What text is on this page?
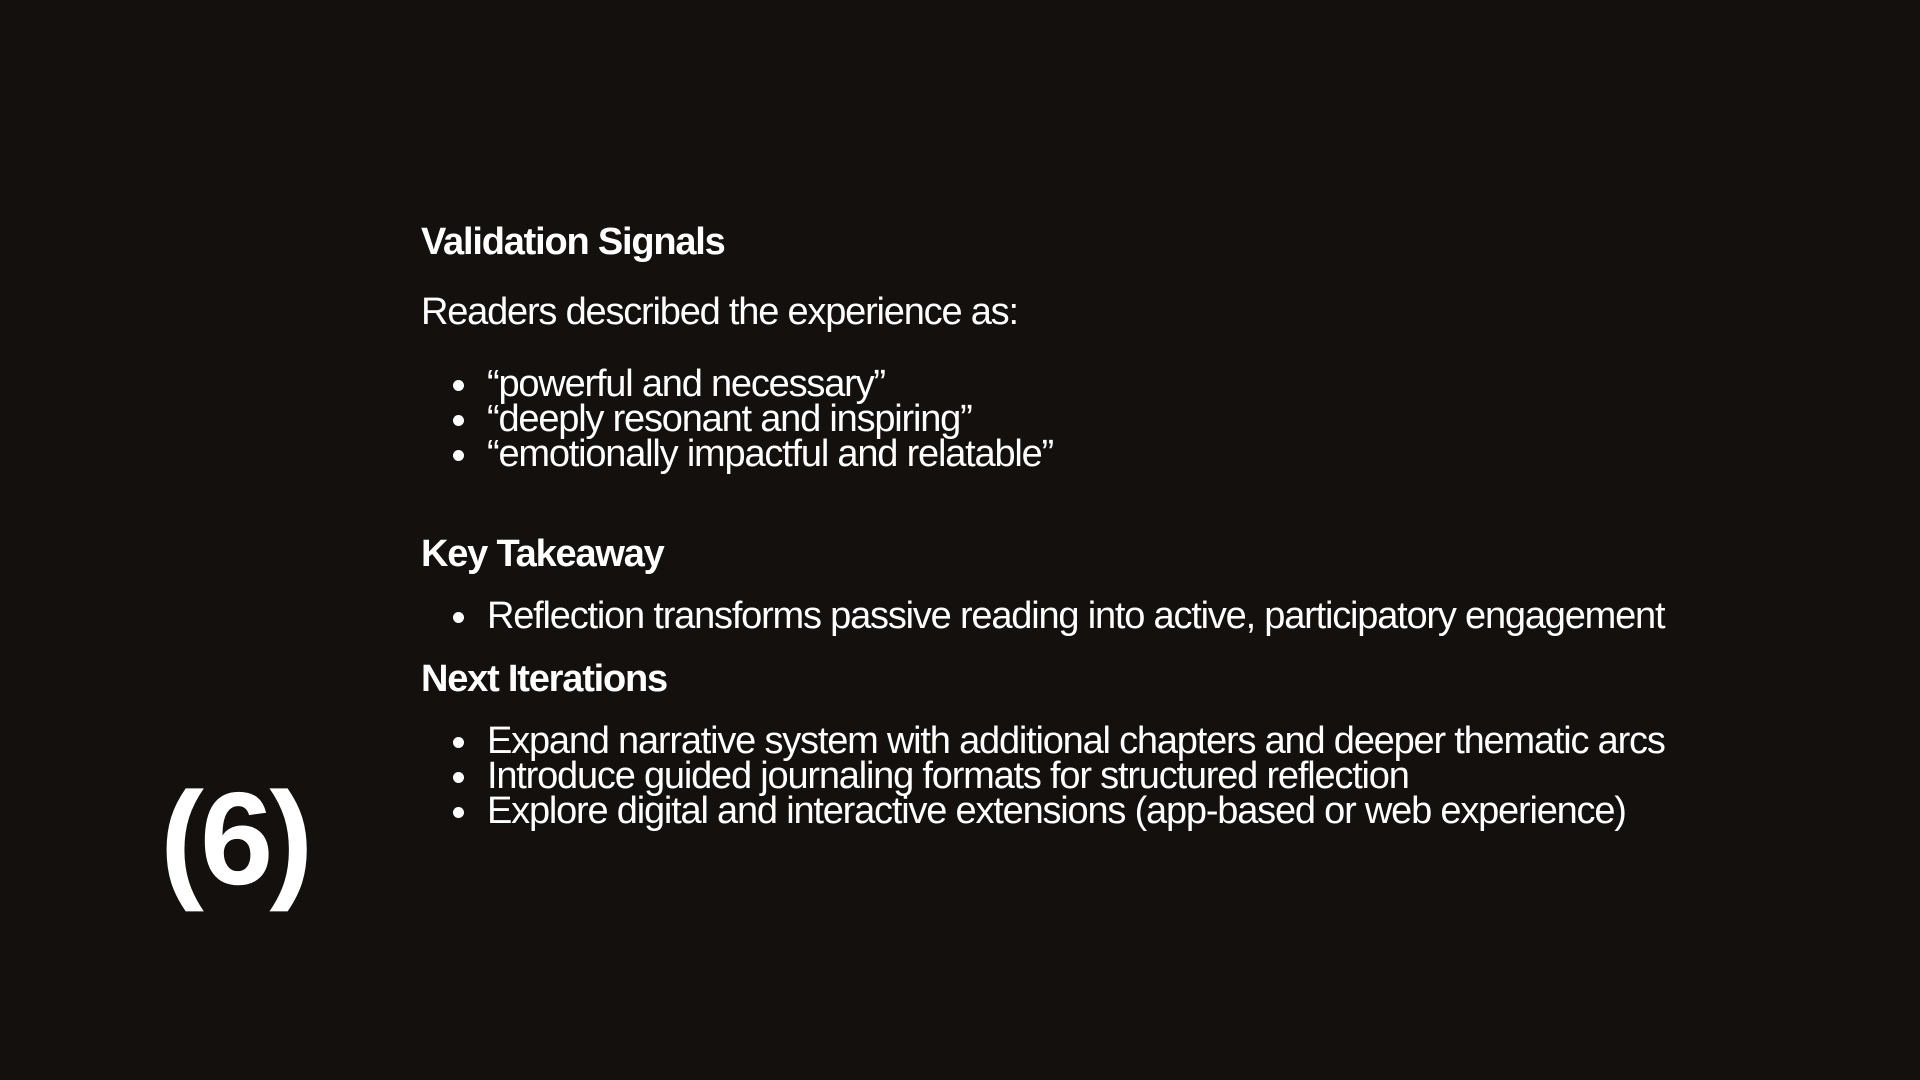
(6)
Validation Signals

Readers described the experience as:

“powerful and necessary”
“deeply resonant and inspiring”
“emotionally impactful and relatable”
Key Takeaway
Reflection transforms passive reading into active, participatory engagement
Next Iterations
Expand narrative system with additional chapters and deeper thematic arcs
Introduce guided journaling formats for structured reflection
Explore digital and interactive extensions (app-based or web experience)
